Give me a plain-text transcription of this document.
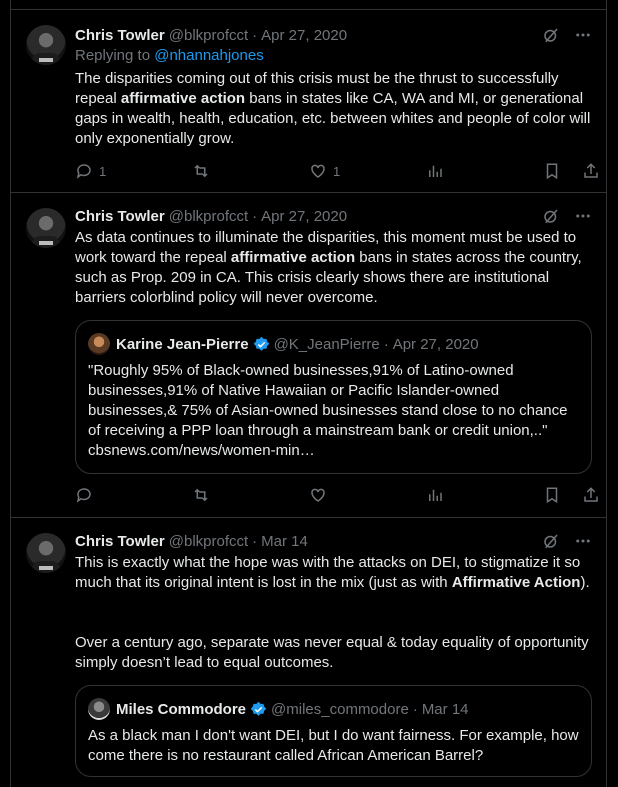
Chris Towler @blkprofcct · Apr 27, 2020
Replying to @nhannahjones
The disparities coming out of this crisis must be the thrust to successfully repeal affirmative action bans in states like CA, WA and MI, or generational gaps in wealth, health, education, etc. between whites and people of color will only exponentially grow.
1	1
Chris Towler @blkprofcct · Apr 27, 2020
As data continues to illuminate the disparities, this moment must be used to work toward the repeal affirmative action bans in states across the country, such as Prop. 209 in CA. This crisis clearly shows there are institutional barriers colorblind policy will never overcome.
Karine Jean-Pierre @K_JeanPierre · Apr 27, 2020
"Roughly 95% of Black-owned businesses,91% of Latino-owned businesses,91% of Native Hawaiian or Pacific Islander-owned businesses,& 75% of Asian-owned businesses stand close to no chance of receiving a PPP loan through a mainstream bank or credit union,.." cbsnews.com/news/women-min…
Chris Towler @blkprofcct · Mar 14
This is exactly what the hope was with the attacks on DEI, to stigmatize it so much that its original intent is lost in the mix (just as with Affirmative Action).
Over a century ago, separate was never equal & today equality of opportunity simply doesn’t lead to equal outcomes.
Miles Commodore @miles_commodore · Mar 14
As a black man I don't want DEI, but I do want fairness. For example, how come there is no restaurant called African American Barrel?
